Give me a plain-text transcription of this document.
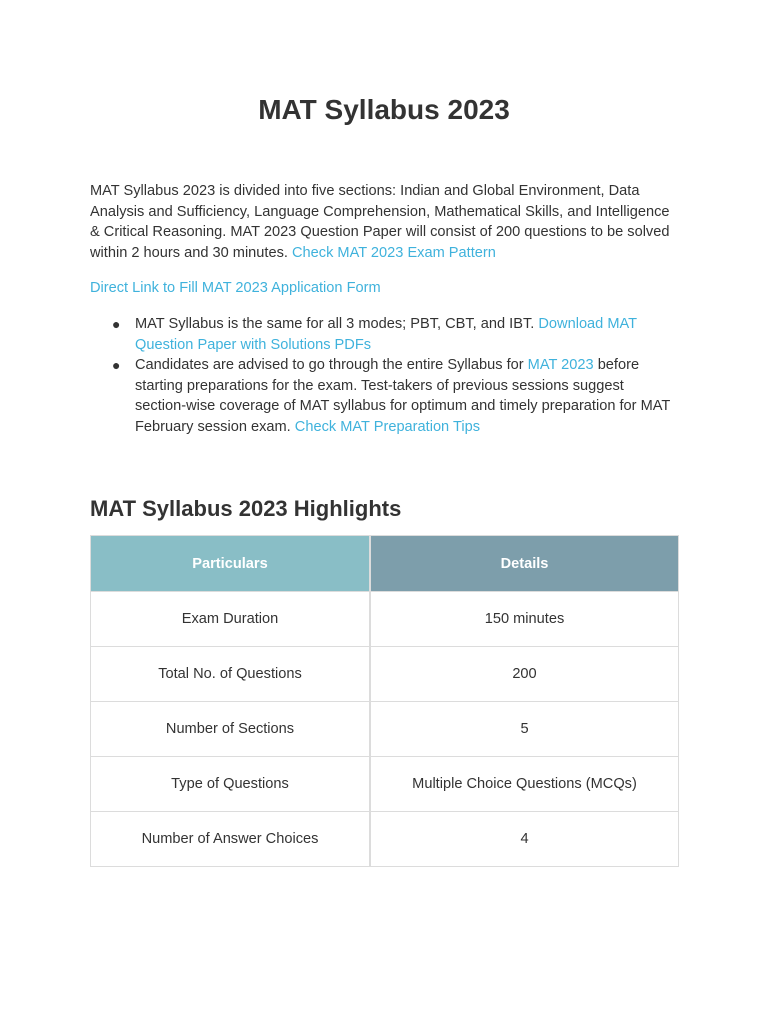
MAT Syllabus 2023

MAT Syllabus 2023 is divided into five sections: Indian and Global Environment, Data Analysis and Sufficiency, Language Comprehension, Mathematical Skills, and Intelligence & Critical Reasoning. MAT 2023 Question Paper will consist of 200 questions to be solved within 2 hours and 30 minutes. Check MAT 2023 Exam Pattern

Direct Link to Fill MAT 2023 Application Form

● MAT Syllabus is the same for all 3 modes; PBT, CBT, and IBT. Download MAT Question Paper with Solutions PDFs
● Candidates are advised to go through the entire Syllabus for MAT 2023 before starting preparations for the exam. Test-takers of previous sessions suggest section-wise coverage of MAT syllabus for optimum and timely preparation for MAT February session exam. Check MAT Preparation Tips
MAT Syllabus 2023 Highlights
Particulars	Details
Exam Duration	150 minutes
Total No. of Questions	200
Number of Sections	5
Type of Questions	Multiple Choice Questions (MCQs)
Number of Answer Choices	4
